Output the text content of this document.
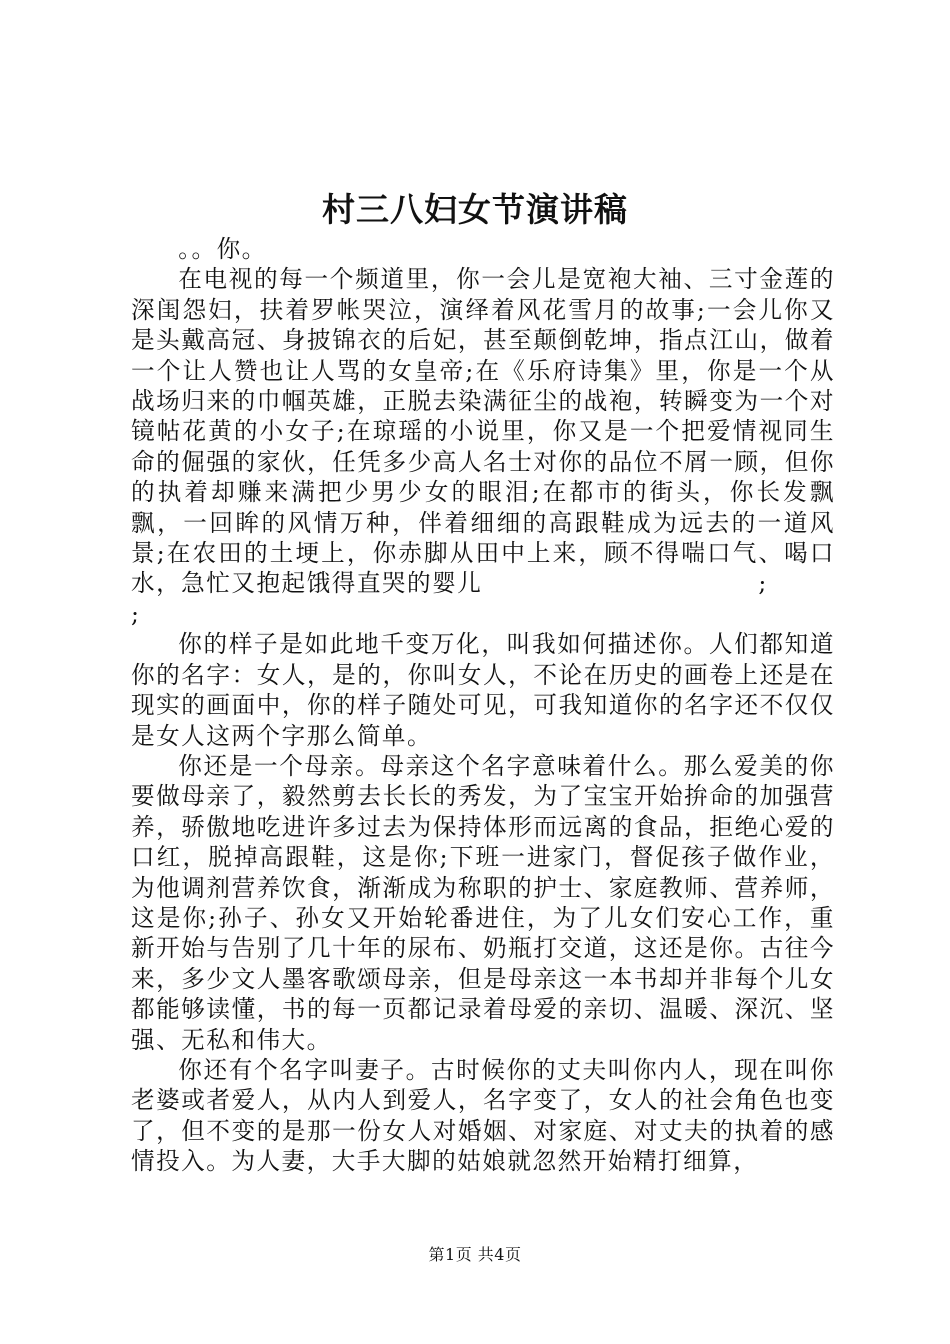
村三八妇女节演讲稿

。。你。

在电视的每一个频道里，你一会儿是宽袍大袖、三寸金莲的深闺怨妇，扶着罗帐哭泣，演绎着风花雪月的故事;一会儿你又是头戴高冠、身披锦衣的后妃，甚至颠倒乾坤，指点江山，做着一个让人赞也让人骂的女皇帝;在《乐府诗集》里，你是一个从战场归来的巾帼英雄，正脱去染满征尘的战袍，转瞬变为一个对镜帖花黄的小女子;在琼瑶的小说里，你又是一个把爱情视同生命的倔强的家伙，任凭多少高人名士对你的品位不屑一顾，但你的执着却赚来满把少男少女的眼泪;在都市的街头，你长发飘飘，一回眸的风情万种，伴着细细的高跟鞋成为远去的一道风景;在农田的土埂上，你赤脚从田中上来，顾不得喘口气、喝口水，急忙又抱起饿得直哭的婴儿　　　　　　　　　　　;

;

你的样子是如此地千变万化，叫我如何描述你。人们都知道你的名字：女人，是的，你叫女人，不论在历史的画卷上还是在现实的画面中，你的样子随处可见，可我知道你的名字还不仅仅是女人这两个字那么简单。

你还是一个母亲。母亲这个名字意味着什么。那么爱美的你要做母亲了，毅然剪去长长的秀发，为了宝宝开始拚命的加强营养，骄傲地吃进许多过去为保持体形而远离的食品，拒绝心爱的口红，脱掉高跟鞋，这是你;下班一进家门，督促孩子做作业，为他调剂营养饮食，渐渐成为称职的护士、家庭教师、营养师，这是你;孙子、孙女又开始轮番进住，为了儿女们安心工作，重新开始与告别了几十年的尿布、奶瓶打交道，这还是你。古往今来，多少文人墨客歌颂母亲，但是母亲这一本书却并非每个儿女都能够读懂，书的每一页都记录着母爱的亲切、温暖、深沉、坚强、无私和伟大。

你还有个名字叫妻子。古时候你的丈夫叫你内人，现在叫你老婆或者爱人，从内人到爱人，名字变了，女人的社会角色也变了，但不变的是那一份女人对婚姻、对家庭、对丈夫的执着的感情投入。为人妻，大手大脚的姑娘就忽然开始精打细算，

第1页 共4页
